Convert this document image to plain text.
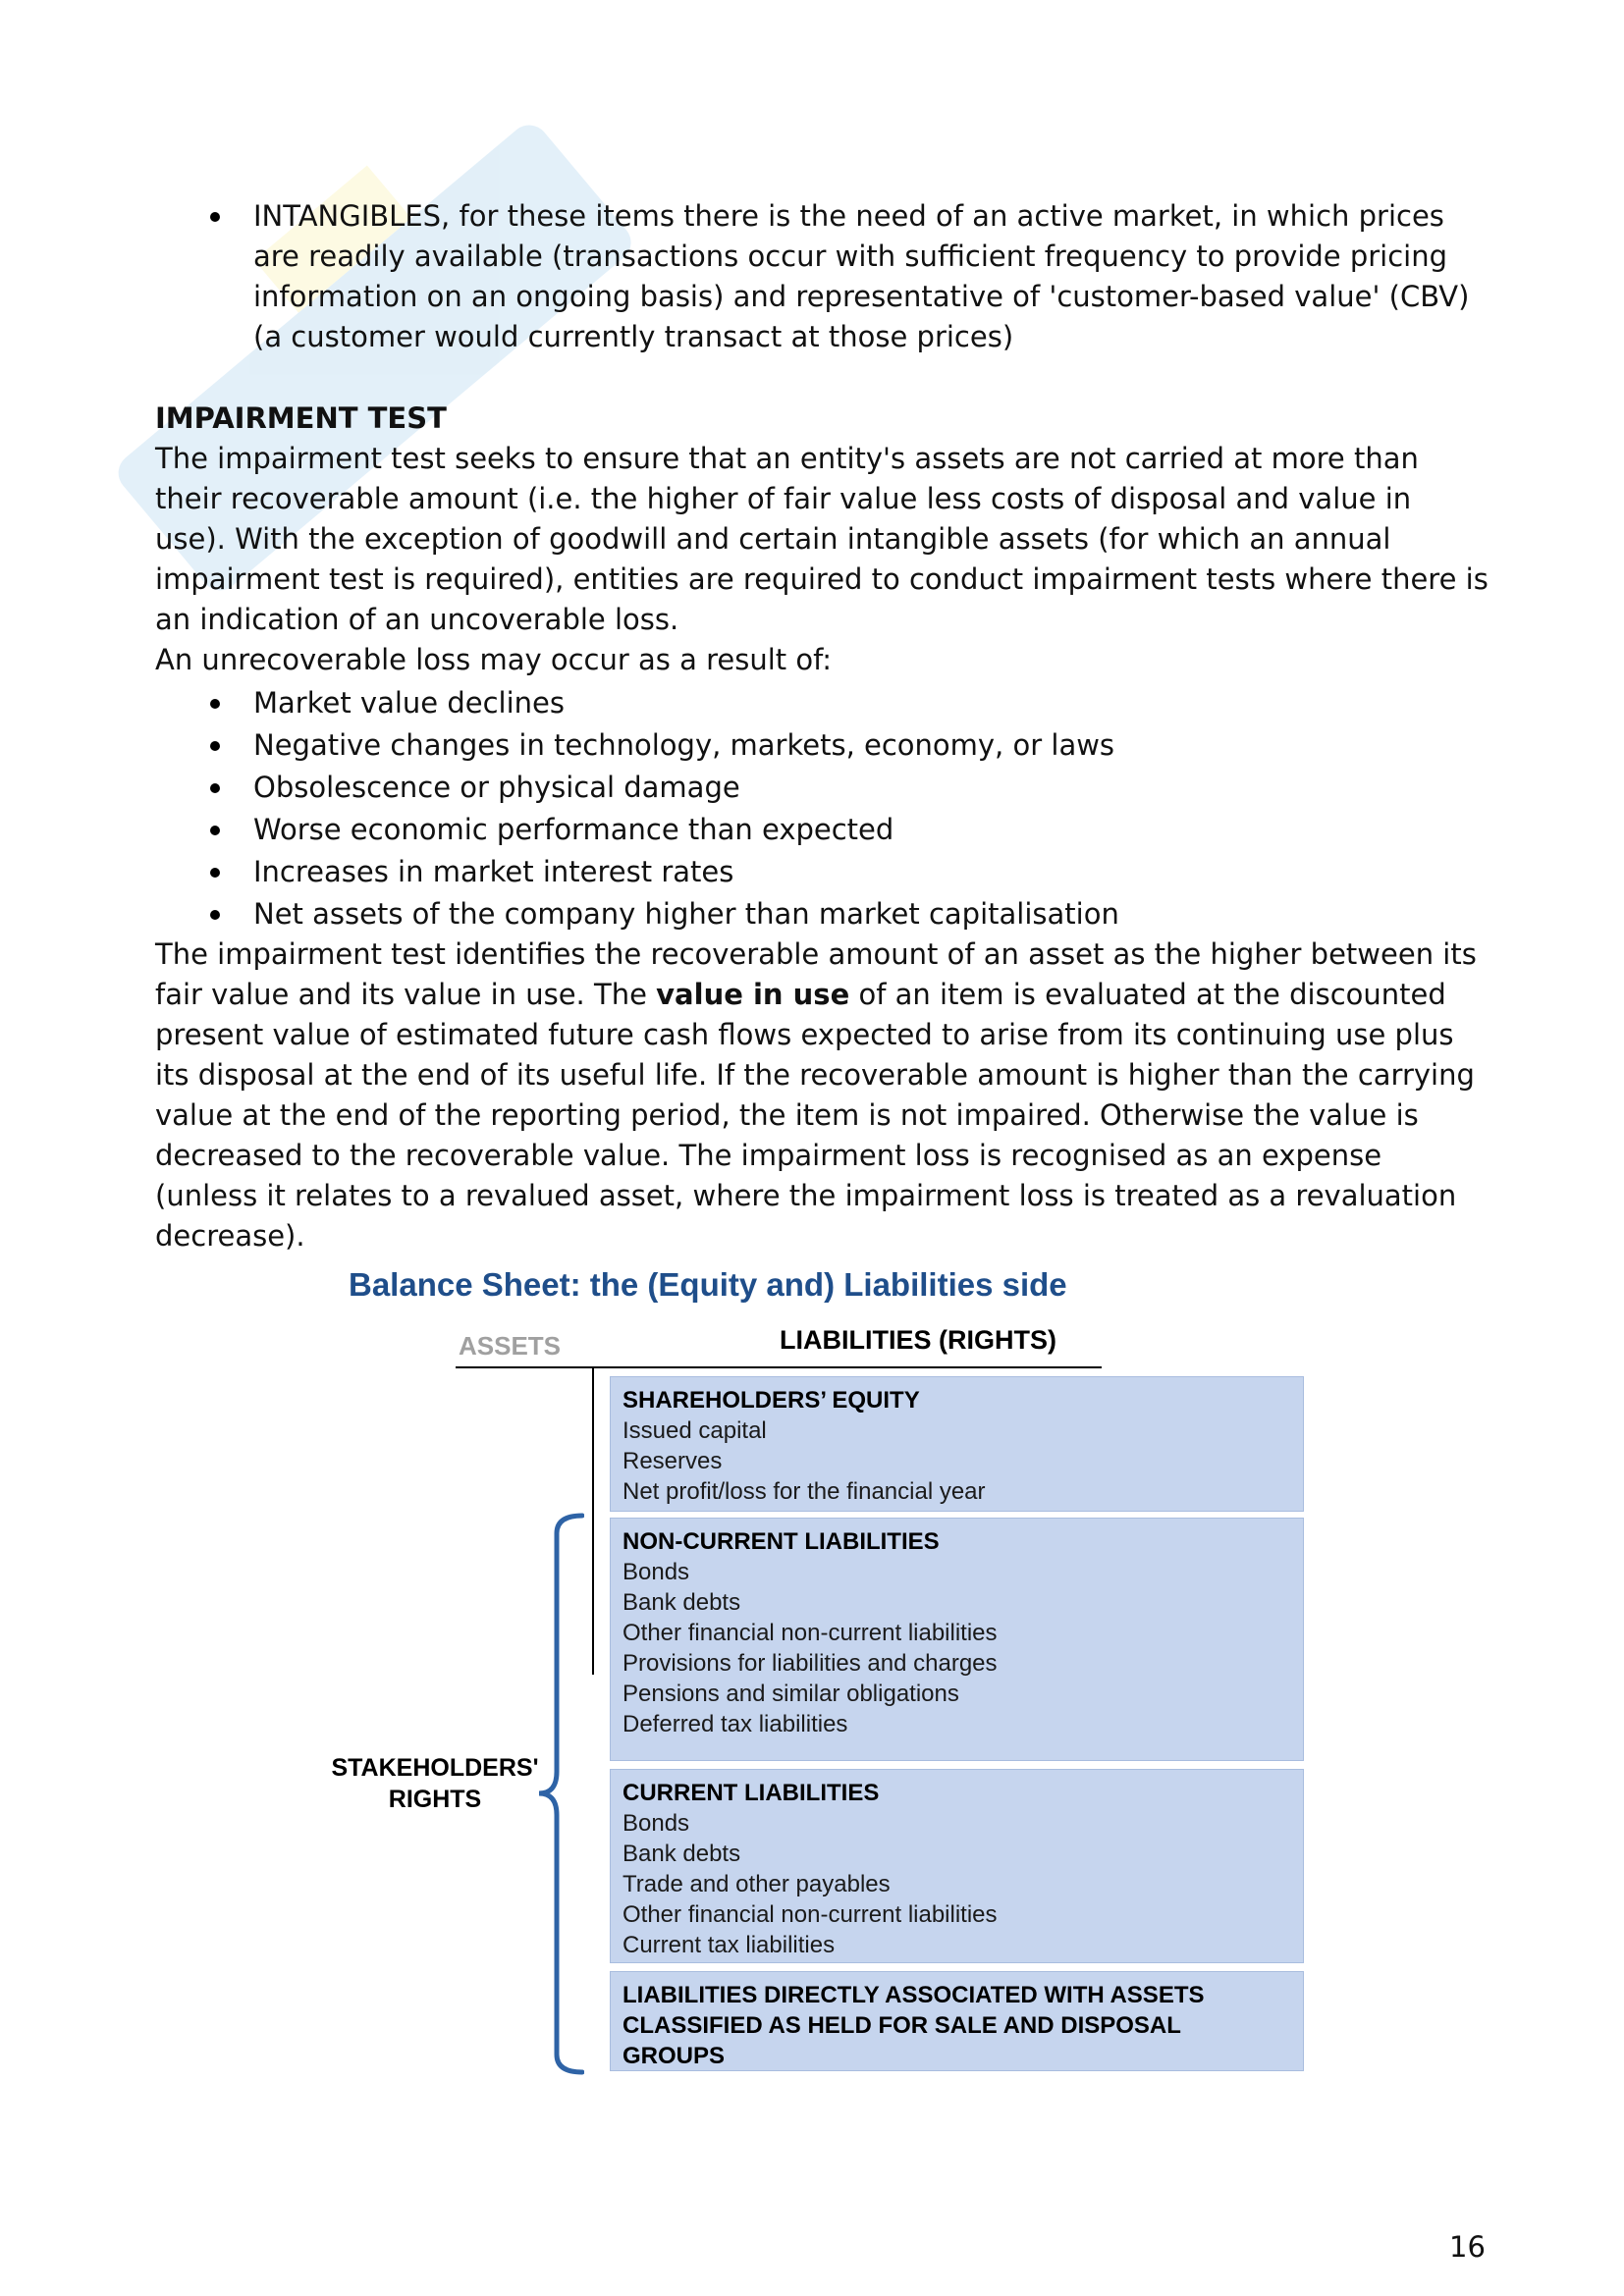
INTANGIBLES, for these items there is the need of an active market, in which prices are readily available (transactions occur with sufficient frequency to provide pricing information on an ongoing basis) and representative of 'customer-based value' (CBV) (a customer would currently transact at those prices)
IMPAIRMENT TEST
The impairment test seeks to ensure that an entity's assets are not carried at more than their recoverable amount (i.e. the higher of fair value less costs of disposal and value in use). With the exception of goodwill and certain intangible assets (for which an annual impairment test is required), entities are required to conduct impairment tests where there is an indication of an uncoverable loss.
An unrecoverable loss may occur as a result of:
Market value declines
Negative changes in technology, markets, economy, or laws
Obsolescence or physical damage
Worse economic performance than expected
Increases in market interest rates
Net assets of the company higher than market capitalisation
The impairment test identifies the recoverable amount of an asset as the higher between its fair value and its value in use. The value in use of an item is evaluated at the discounted present value of estimated future cash flows expected to arise from its continuing use plus its disposal at the end of its useful life. If the recoverable amount is higher than the carrying value at the end of the reporting period, the item is not impaired. Otherwise the value is decreased to the recoverable value. The impairment loss is recognised as an expense (unless it relates to a revalued asset, where the impairment loss is treated as a revaluation decrease).
Balance Sheet: the (Equity and) Liabilities side
ASSETS	LIABILITIES (RIGHTS)
SHAREHOLDERS’ EQUITY
Issued capital
Reserves
Net profit/loss for the financial year
NON-CURRENT LIABILITIES
Bonds
Bank debts
Other financial non-current liabilities
Provisions for liabilities and charges
Pensions and similar obligations
Deferred tax liabilities
CURRENT LIABILITIES
Bonds
Bank debts
Trade and other payables
Other financial non-current liabilities
Current tax liabilities
LIABILITIES DIRECTLY ASSOCIATED WITH ASSETS
CLASSIFIED AS HELD FOR SALE AND DISPOSAL
GROUPS
STAKEHOLDERS'
RIGHTS
16
